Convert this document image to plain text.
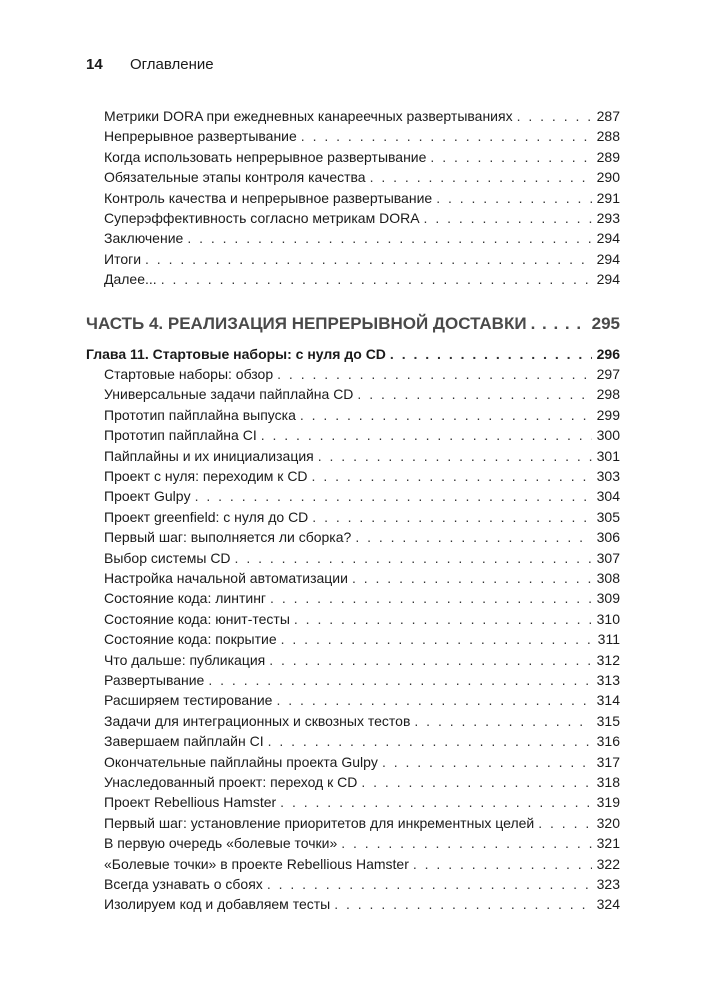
14	Оглавление
Метрики DORA при ежедневных канареечных развертываниях . . .	287
Непрерывное развертывание . . .	288
Когда использовать непрерывное развертывание . . .	289
Обязательные этапы контроля качества . . .	290
Контроль качества и непрерывное развертывание . . .	291
Суперэффективность согласно метрикам DORA . . .	293
Заключение . . .	294
Итоги . . .	294
Далее... . . .	294
ЧАСТЬ 4. РЕАЛИЗАЦИЯ НЕПРЕРЫВНОЙ ДОСТАВКИ . . .	295
Глава 11. Стартовые наборы: с нуля до CD . . .	296
Стартовые наборы: обзор . . .	297
Универсальные задачи пайплайна CD . . .	298
Прототип пайплайна выпуска . . .	299
Прототип пайплайна CI . . .	300
Пайплайны и их инициализация . . .	301
Проект с нуля: переходим к CD . . .	303
Проект Gulpy . . .	304
Проект greenfield: с нуля до CD . . .	305
Первый шаг: выполняется ли сборка? . . .	306
Выбор системы CD . . .	307
Настройка начальной автоматизации . . .	308
Состояние кода: линтинг . . .	309
Состояние кода: юнит-тесты . . .	310
Состояние кода: покрытие . . .	311
Что дальше: публикация . . .	312
Развертывание . . .	313
Расширяем тестирование . . .	314
Задачи для интеграционных и сквозных тестов . . .	315
Завершаем пайплайн CI . . .	316
Окончательные пайплайны проекта Gulpy . . .	317
Унаследованный проект: переход к CD . . .	318
Проект Rebellious Hamster . . .	319
Первый шаг: установление приоритетов для инкрементных целей . . .	320
В первую очередь «болевые точки» . . .	321
«Болевые точки» в проекте Rebellious Hamster . . .	322
Всегда узнавать о сбоях . . .	323
Изолируем код и добавляем тесты . . .	324
